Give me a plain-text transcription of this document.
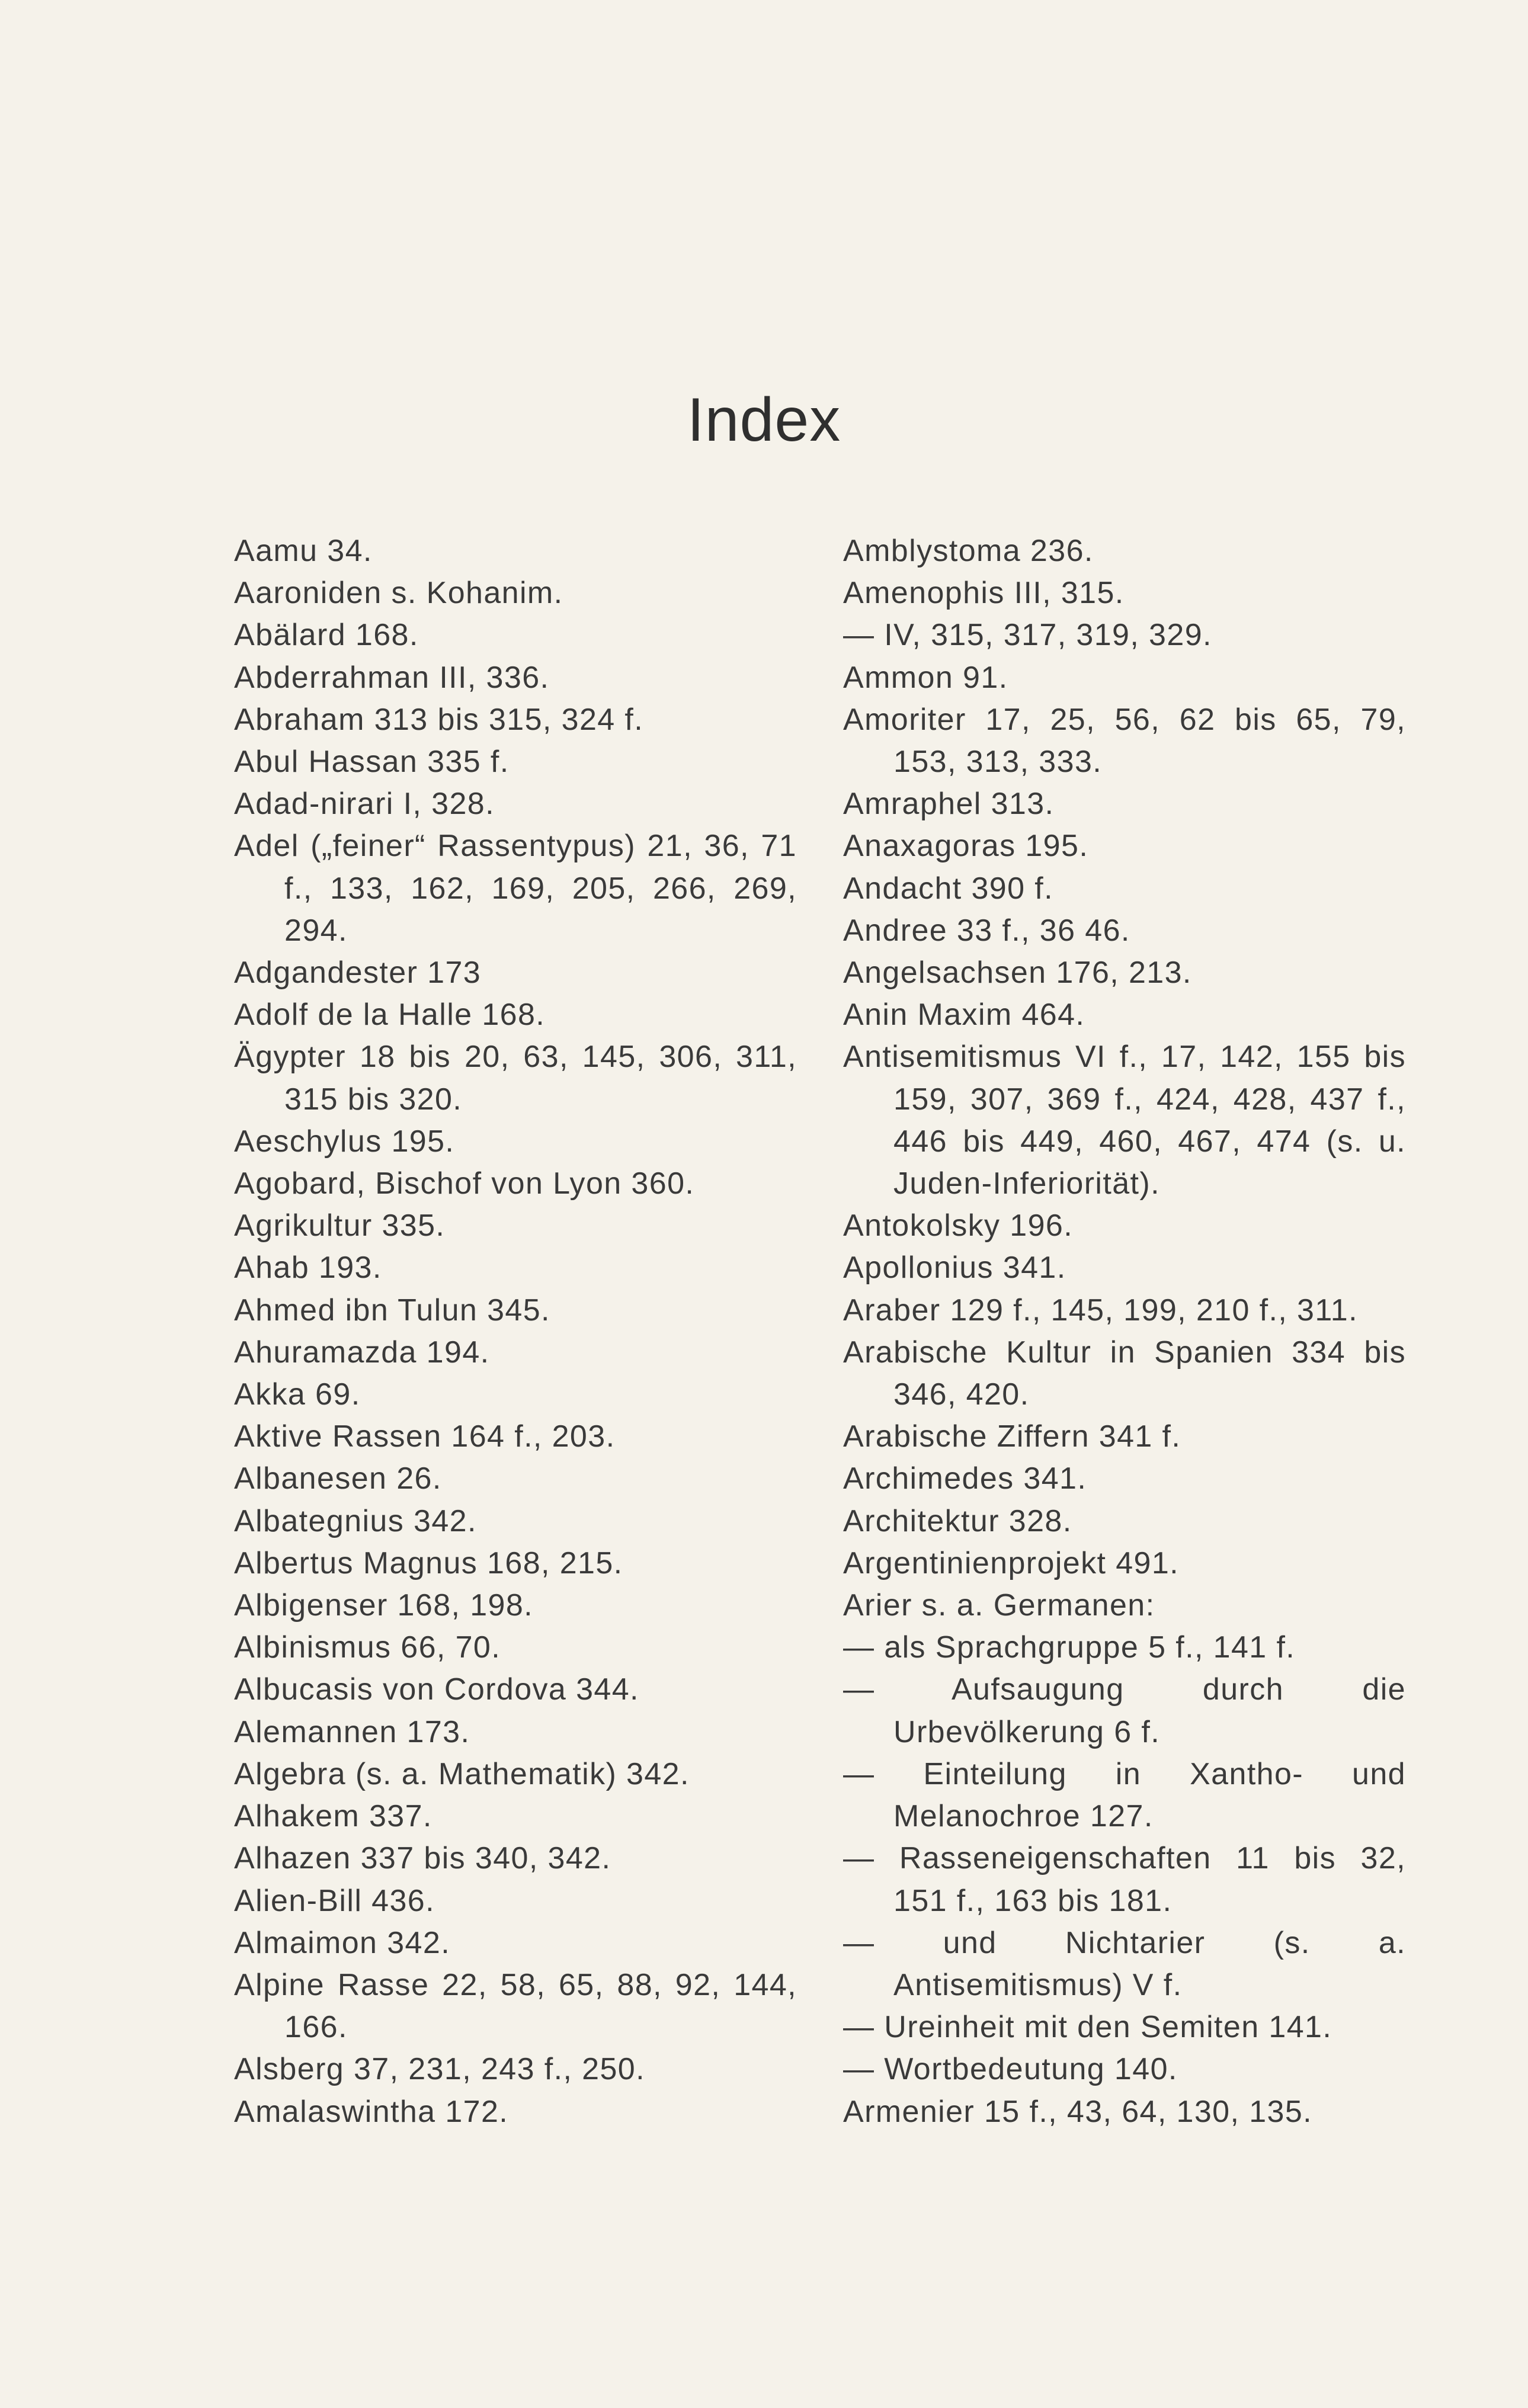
Index
Aamu 34.
Aaroniden s. Kohanim.
Abälard 168.
Abderrahman III, 336.
Abraham 313 bis 315, 324 f.
Abul Hassan 335 f.
Adad-nirari I, 328.
Adel („feiner“ Rassentypus) 21, 36, 71 f., 133, 162, 169, 205, 266, 269, 294.
Adgandester 173
Adolf de la Halle 168.
Ägypter 18 bis 20, 63, 145, 306, 311, 315 bis 320.
Aeschylus 195.
Agobard, Bischof von Lyon 360.
Agrikultur 335.
Ahab 193.
Ahmed ibn Tulun 345.
Ahuramazda 194.
Akka 69.
Aktive Rassen 164 f., 203.
Albanesen 26.
Albategnius 342.
Albertus Magnus 168, 215.
Albigenser 168, 198.
Albinismus 66, 70.
Albucasis von Cordova 344.
Alemannen 173.
Algebra (s. a. Mathematik) 342.
Alhakem 337.
Alhazen 337 bis 340, 342.
Alien-Bill 436.
Almaimon 342.
Alpine Rasse 22, 58, 65, 88, 92, 144, 166.
Alsberg 37, 231, 243 f., 250.
Amalaswintha 172.
Amblystoma 236.
Amenophis III, 315.
— IV, 315, 317, 319, 329.
Ammon 91.
Amoriter 17, 25, 56, 62 bis 65, 79, 153, 313, 333.
Amraphel 313.
Anaxagoras 195.
Andacht 390 f.
Andree 33 f., 36 46.
Angelsachsen 176, 213.
Anin Maxim 464.
Antisemitismus VI f., 17, 142, 155 bis 159, 307, 369 f., 424, 428, 437 f., 446 bis 449, 460, 467, 474 (s. u. Juden-Inferiorität).
Antokolsky 196.
Apollonius 341.
Araber 129 f., 145, 199, 210 f., 311.
Arabische Kultur in Spanien 334 bis 346, 420.
Arabische Ziffern 341 f.
Archimedes 341.
Architektur 328.
Argentinienprojekt 491.
Arier s. a. Germanen:
— als Sprachgruppe 5 f., 141 f.
— Aufsaugung durch die Urbevölkerung 6 f.
— Einteilung in Xantho- und Melanochroe 127.
— Rasseneigenschaften 11 bis 32, 151 f., 163 bis 181.
— und Nichtarier (s. a. Antisemitismus) V f.
— Ureinheit mit den Semiten 141.
— Wortbedeutung 140.
Armenier 15 f., 43, 64, 130, 135.
